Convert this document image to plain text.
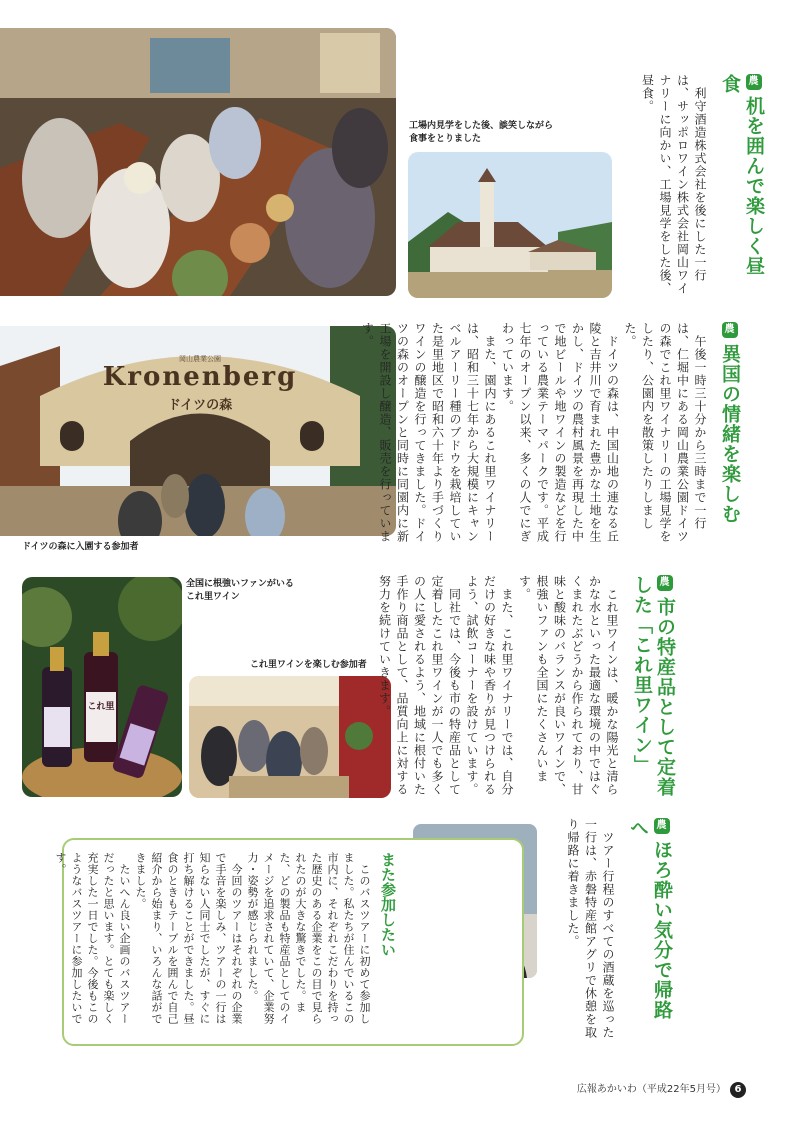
工場内見学をした後、談笑しながら食事をとりました
岡山農業公園
Kronenberg
ドイツの森
ドイツの森に入園する参加者
全国に根強いファンがいるこれ里ワイン
これ里
これ里ワインを楽しむ参加者
農机を囲んで楽しく昼食
　利守酒造株式会社を後にした一行は、サッポロワイン株式会社岡山ワイナリーに向かい、工場見学をした後、昼食。
農異国の情緒を楽しむ
　午後一時三十分から三時まで一行は、仁堀中にある岡山農業公園ドイツの森でこれ里ワイナリーの工場見学をしたり、公園内を散策したりしました。
　ドイツの森は、中国山地の連なる丘陵と吉井川で育まれた豊かな土地を生かし、ドイツの農村風景を再現した中で地ビールや地ワインの製造などを行っている農業テーマパークです。平成七年のオープン以来、多くの人でにぎわっています。
　また、園内にあるこれ里ワイナリーは、昭和三十七年から大規模にキャンベルアーリー種のブドウを栽培していた是里地区で昭和六十年より手づくりワインの醸造を行ってきました。ドイツの森のオープンと同時に同園内に新工場を開設し醸造、販売を行っています。
農市の特産品として定着した「これ里ワイン」
　これ里ワインは、暖かな陽光と清らかな水といった最適な環境の中ではぐくまれたぶどうから作られており、甘味と酸味のバランスが良いワインで、根強いファンも全国にたくさんいます。
　また、これ里ワイナリーでは、自分だけの好きな味や香りが見つけられるよう、試飲コーナーを設けています。
　同社では、今後も市の特産品として定着したこれ里ワインが一人でも多くの人に愛されるよう、地域に根付いた手作り商品として、品質向上に対する努力を続けていきます。
農ほろ酔い気分で帰路へ
　ツアー行程のすべての酒蔵を巡った一行は、赤磐特産館アグリで休憩を取り帰路に着きました。
また参加したい
　このバスツアーに初めて参加しました。私たちが住んでいるこの市内に、それぞれこだわりを持った歴史のある企業をこの目で見られたのが大きな驚きでした。また、どの製品も特産品としてのイメージを追求されていて、企業努力・姿勢が感じられました。
　今回のツアーはそれぞれの企業で手音を楽しみ、ツアーの一行は知らない人同士でしたが、すぐに打ち解けることができました。昼食のときもテーブルを囲んで自己紹介から始まり、いろんな話ができました。
　たいへん良い企画のバスツアーだったと思います。とても楽しく充実した一日でした。今後もこのようなバスツアーに参加したいです。
広報あかいわ（平成22年5月号） 6
